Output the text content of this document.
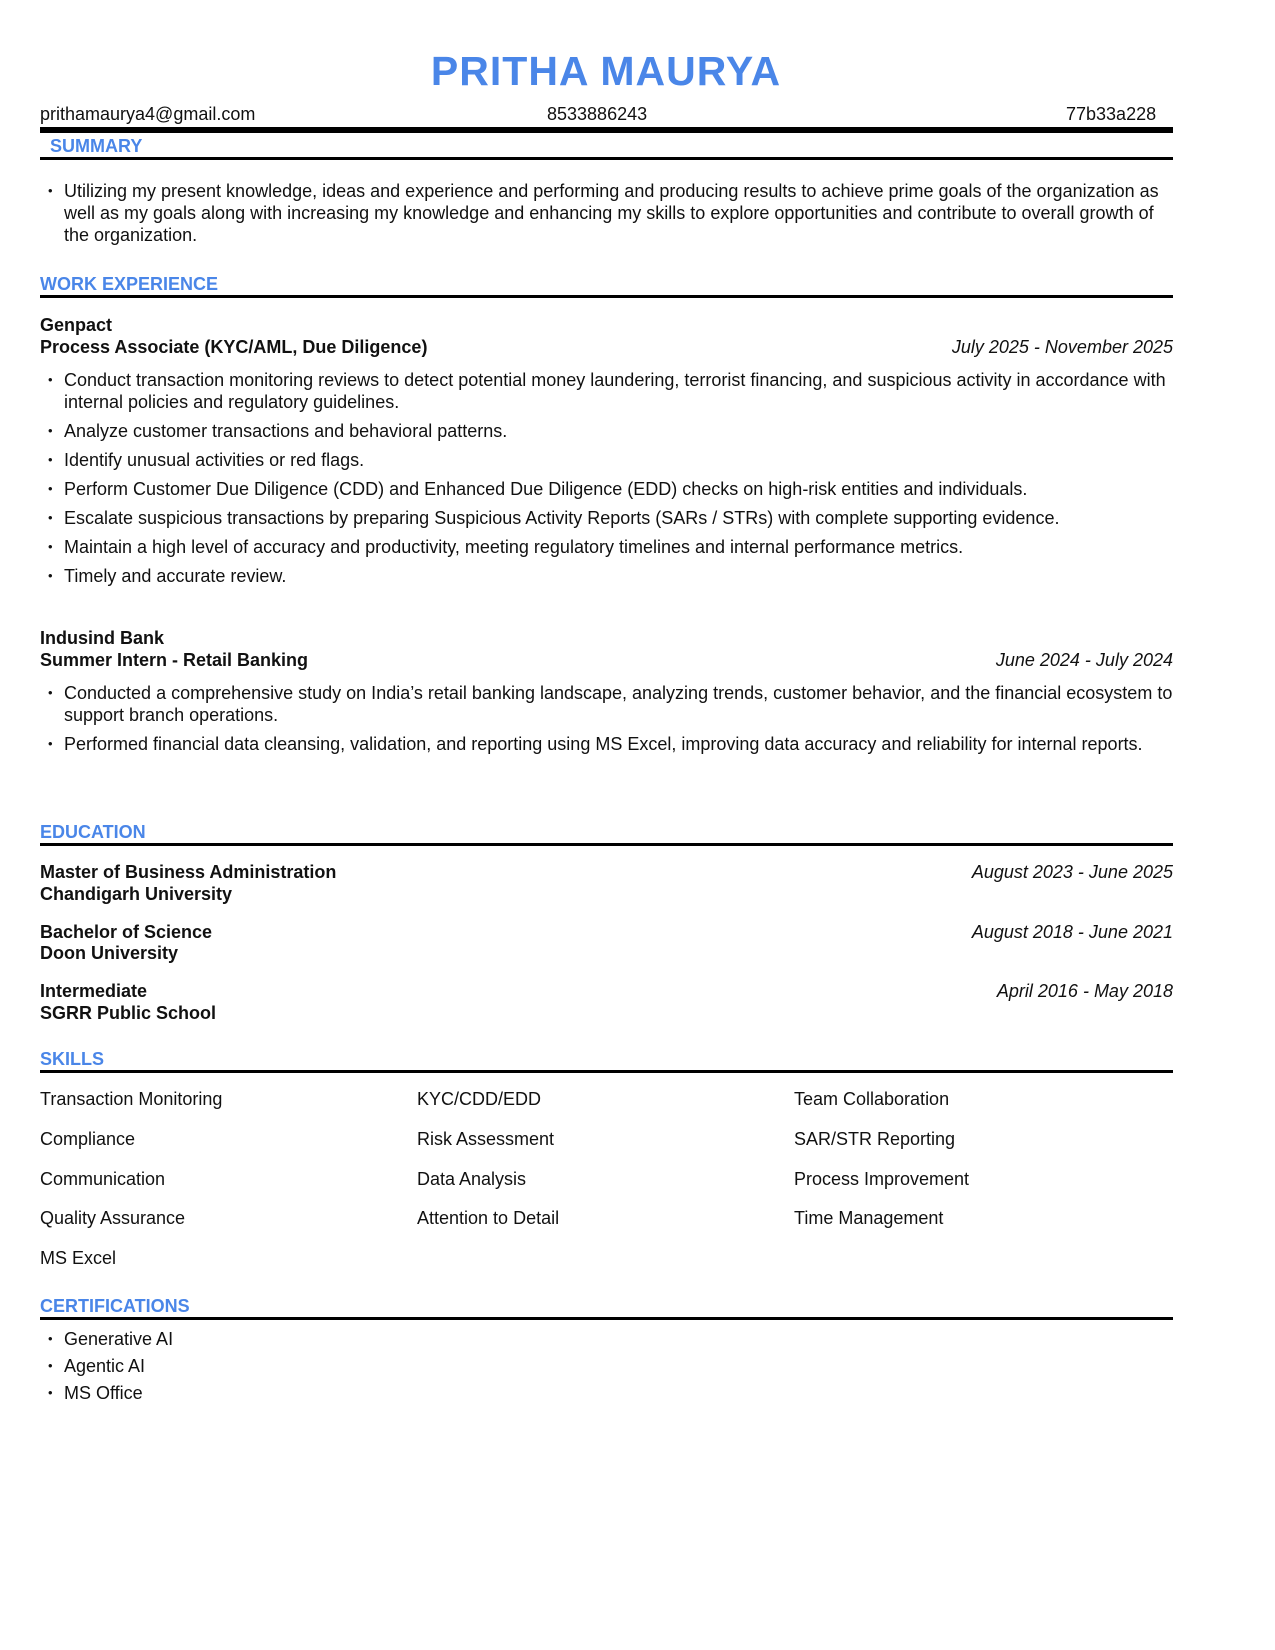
PRITHA MAURYA
prithamaurya4@gmail.com	8533886243	77b33a228
SUMMARY
• Utilizing my present knowledge, ideas and experience and performing and producing results to achieve prime goals of the organization as well as my goals along with increasing my knowledge and enhancing my skills to explore opportunities and contribute to overall growth of the organization.
WORK EXPERIENCE
Genpact
Process Associate (KYC/AML, Due Diligence)	July 2025 - November 2025
• Conduct transaction monitoring reviews to detect potential money laundering, terrorist financing, and suspicious activity in accordance with internal policies and regulatory guidelines.
• Analyze customer transactions and behavioral patterns.
• Identify unusual activities or red flags.
• Perform Customer Due Diligence (CDD) and Enhanced Due Diligence (EDD) checks on high-risk entities and individuals.
• Escalate suspicious transactions by preparing Suspicious Activity Reports (SARs / STRs) with complete supporting evidence.
• Maintain a high level of accuracy and productivity, meeting regulatory timelines and internal performance metrics.
• Timely and accurate review.
Indusind Bank
Summer Intern - Retail Banking	June 2024 - July 2024
• Conducted a comprehensive study on India’s retail banking landscape, analyzing trends, customer behavior, and the financial ecosystem to support branch operations.
• Performed financial data cleansing, validation, and reporting using MS Excel, improving data accuracy and reliability for internal reports.
EDUCATION
Master of Business Administration
Chandigarh University
August 2023 - June 2025
Bachelor of Science
Doon University
August 2018 - June 2021
Intermediate
SGRR Public School
April 2016 - May 2018
SKILLS
Transaction Monitoring	KYC/CDD/EDD	Team Collaboration
Compliance	Risk Assessment	SAR/STR Reporting
Communication	Data Analysis	Process Improvement
Quality Assurance	Attention to Detail	Time Management
MS Excel
CERTIFICATIONS
• Generative AI
• Agentic AI
• MS Office
